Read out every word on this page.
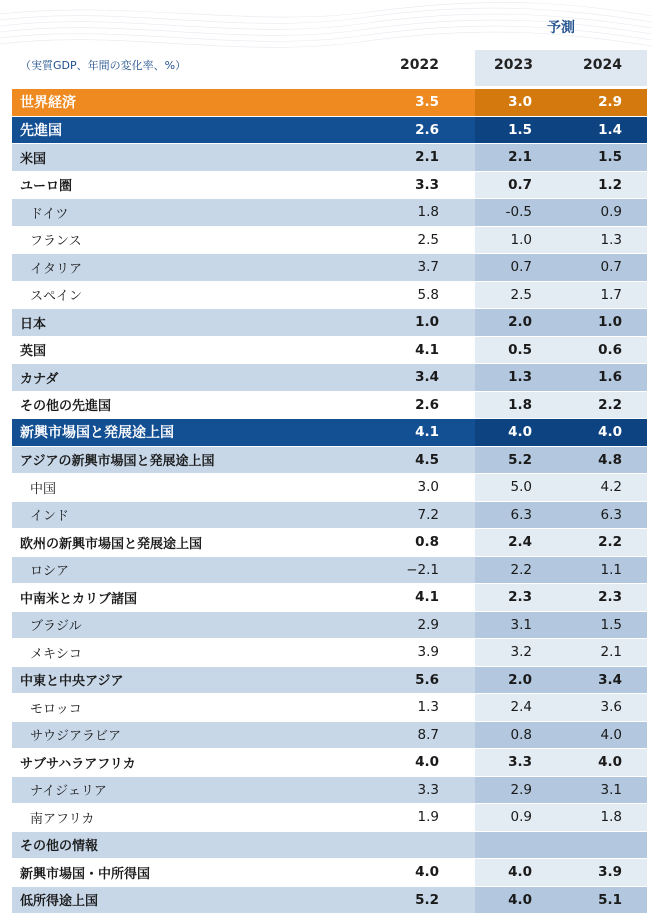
予測
（実質GDP、年間の変化率、%）	2022	2023	2024
世界経済	3.5	3.0	2.9
先進国	2.6	1.5	1.4
米国	2.1	2.1	1.5
ユーロ圏	3.3	0.7	1.2
ドイツ	1.8	-0.5	0.9
フランス	2.5	1.0	1.3
イタリア	3.7	0.7	0.7
スペイン	5.8	2.5	1.7
日本	1.0	2.0	1.0
英国	4.1	0.5	0.6
カナダ	3.4	1.3	1.6
その他の先進国	2.6	1.8	2.2
新興市場国と発展途上国	4.1	4.0	4.0
アジアの新興市場国と発展途上国	4.5	5.2	4.8
中国	3.0	5.0	4.2
インド	7.2	6.3	6.3
欧州の新興市場国と発展途上国	0.8	2.4	2.2
ロシア	−2.1	2.2	1.1
中南米とカリブ諸国	4.1	2.3	2.3
ブラジル	2.9	3.1	1.5
メキシコ	3.9	3.2	2.1
中東と中央アジア	5.6	2.0	3.4
モロッコ	1.3	2.4	3.6
サウジアラビア	8.7	0.8	4.0
サブサハラアフリカ	4.0	3.3	4.0
ナイジェリア	3.3	2.9	3.1
南アフリカ	1.9	0.9	1.8
その他の情報
新興市場国・中所得国	4.0	4.0	3.9
低所得途上国	5.2	4.0	5.1
